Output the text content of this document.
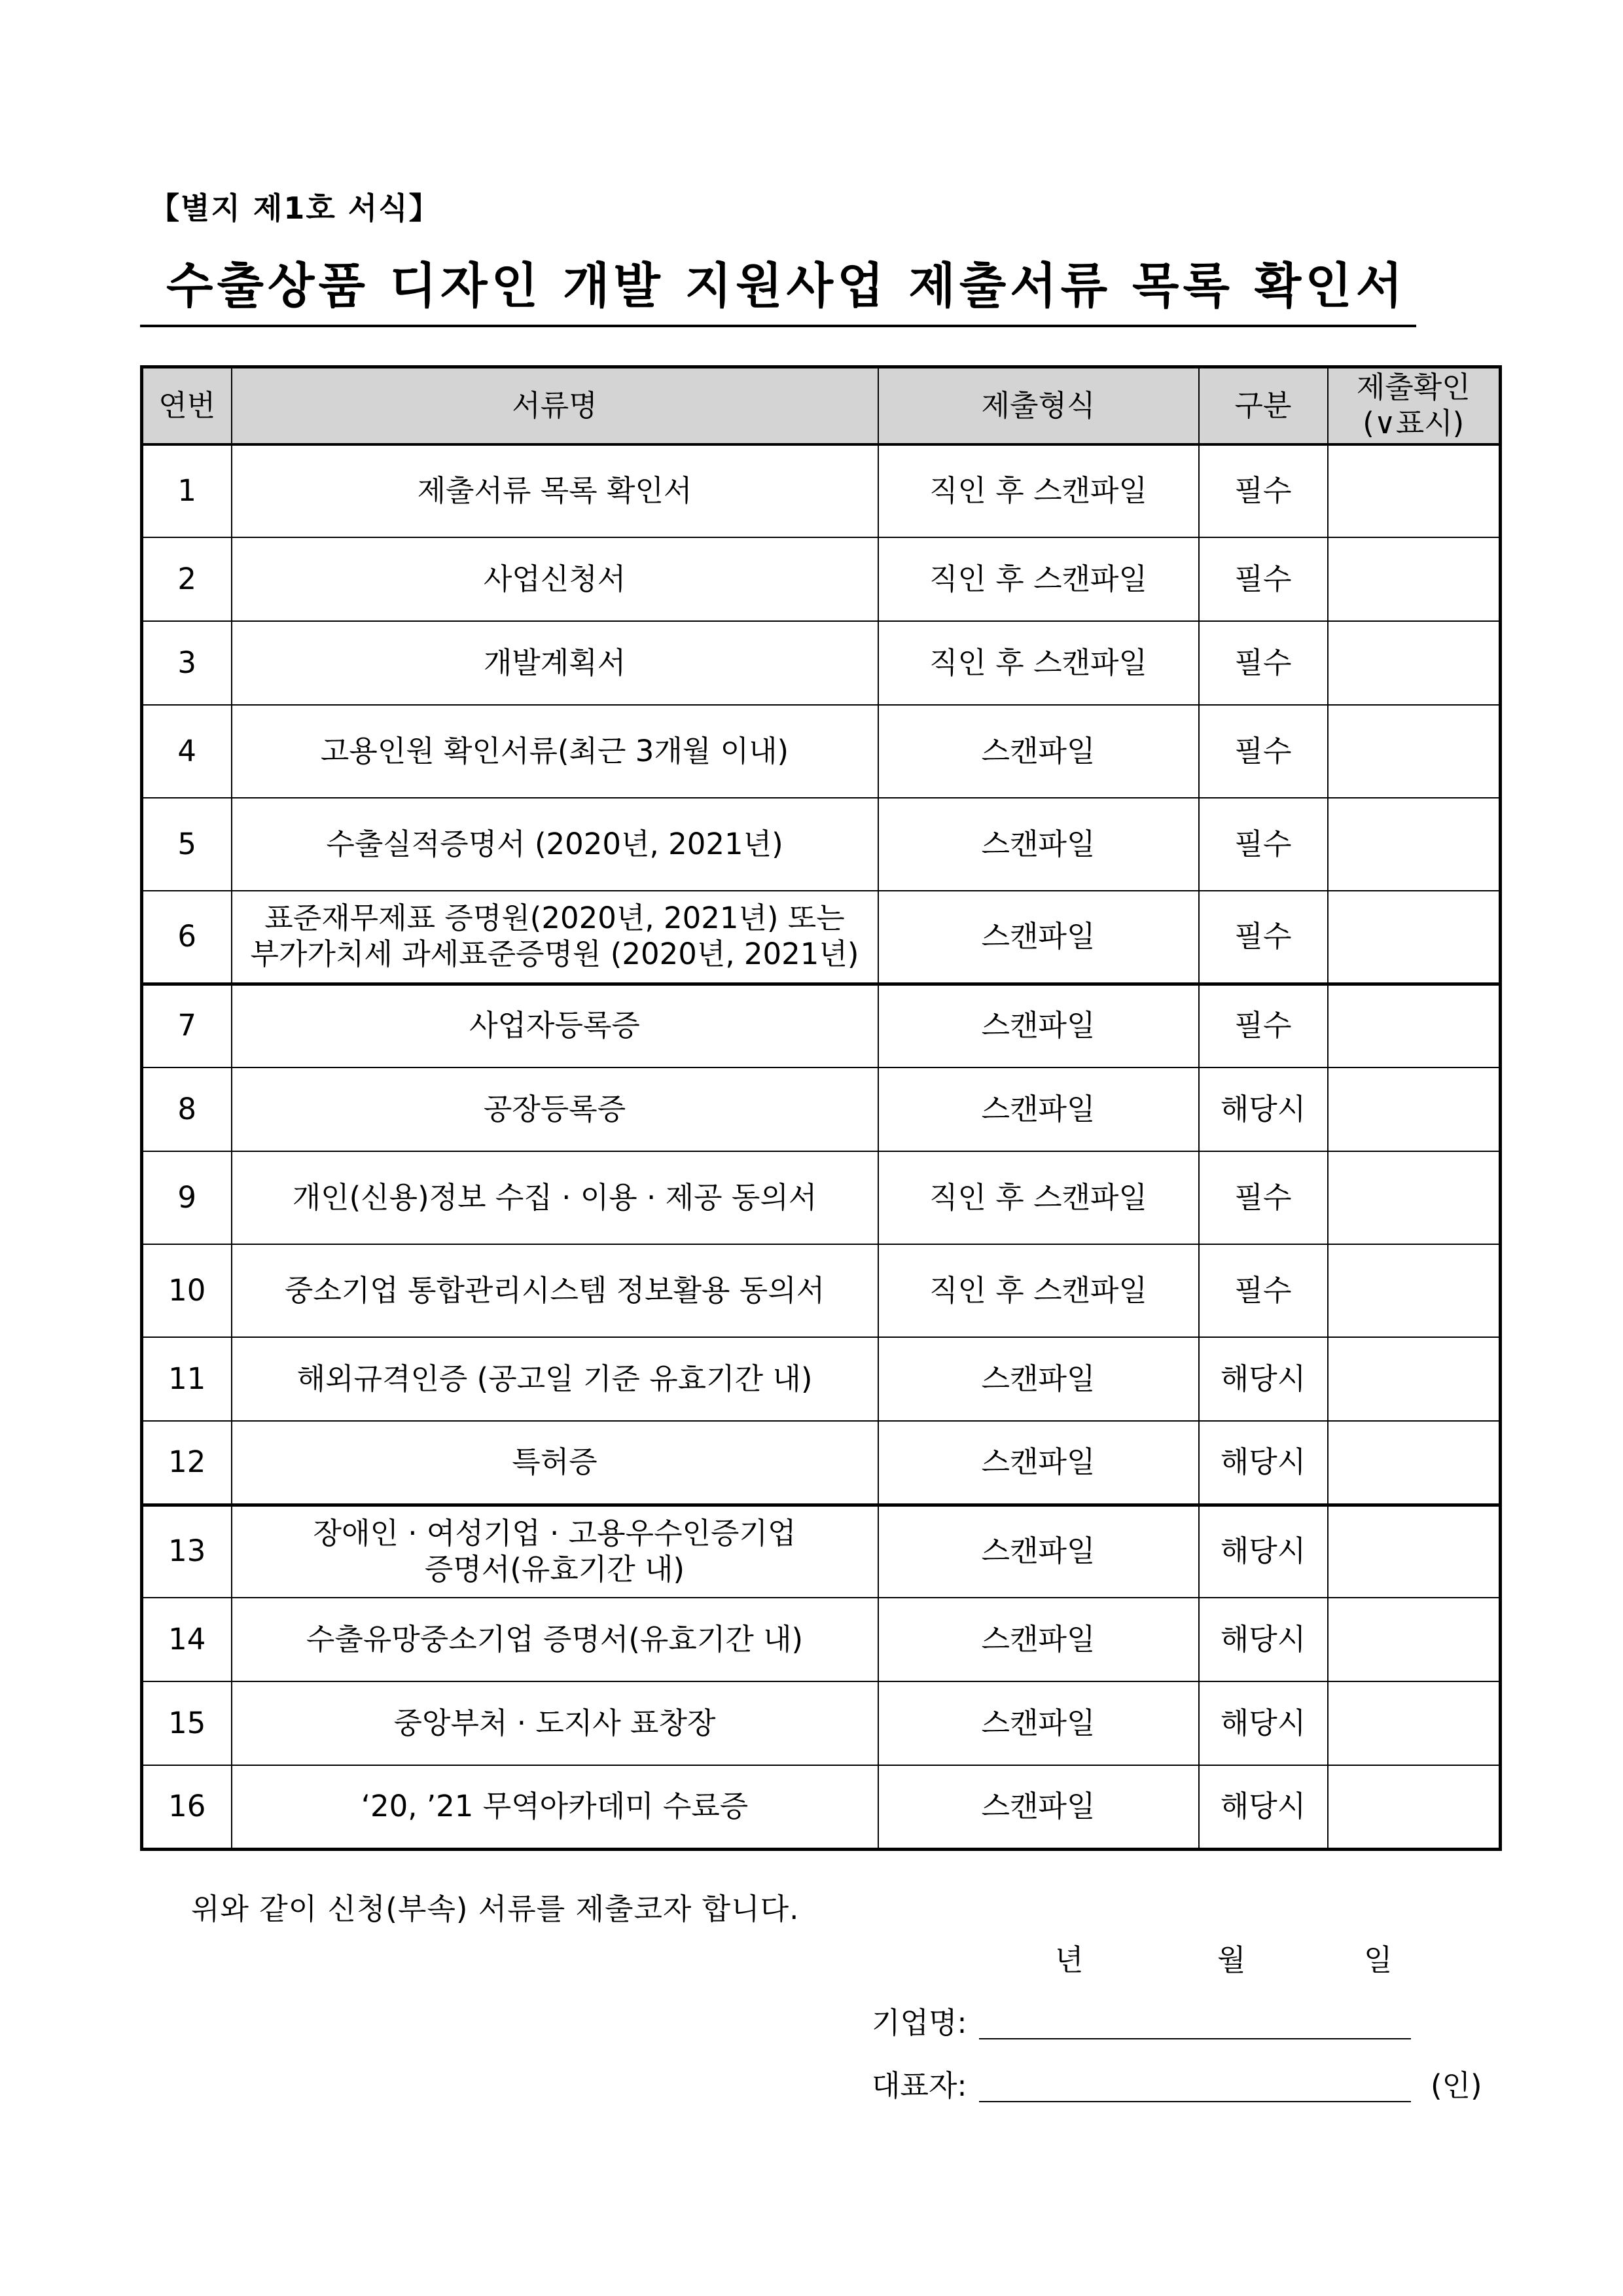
【별지 제1호 서식】
수출상품 디자인 개발 지원사업 제출서류 목록 확인서
연번	서류명	제출형식	구분	제출확인
(∨표시)

1	제출서류 목록 확인서	직인 후 스캔파일	필수	
2	사업신청서	직인 후 스캔파일	필수	
3	개발계획서	직인 후 스캔파일	필수	
4	고용인원 확인서류(최근 3개월 이내)	스캔파일	필수	
5	수출실적증명서 (2020년, 2021년)	스캔파일	필수	
6	표준재무제표 증명원(2020년, 2021년) 또는
부가가치세 과세표준증명원 (2020년, 2021년)	스캔파일	필수	
7	사업자등록증	스캔파일	필수	
8	공장등록증	스캔파일	해당시	
9	개인(신용)정보 수집 · 이용 · 제공 동의서	직인 후 스캔파일	필수	
10	중소기업 통합관리시스템 정보활용 동의서	직인 후 스캔파일	필수	
11	해외규격인증 (공고일 기준 유효기간 내)	스캔파일	해당시	
12	특허증	스캔파일	해당시	
13	장애인 · 여성기업 · 고용우수인증기업
증명서(유효기간 내)	스캔파일	해당시	
14	수출유망중소기업 증명서(유효기간 내)	스캔파일	해당시	
15	중앙부처 · 도지사 표창장	스캔파일	해당시	
16	‘20, ’21 무역아카데미 수료증	스캔파일	해당시	
위와 같이 신청(부속) 서류를 제출코자 합니다.
년	월	일
기업명:
대표자:	(인)
